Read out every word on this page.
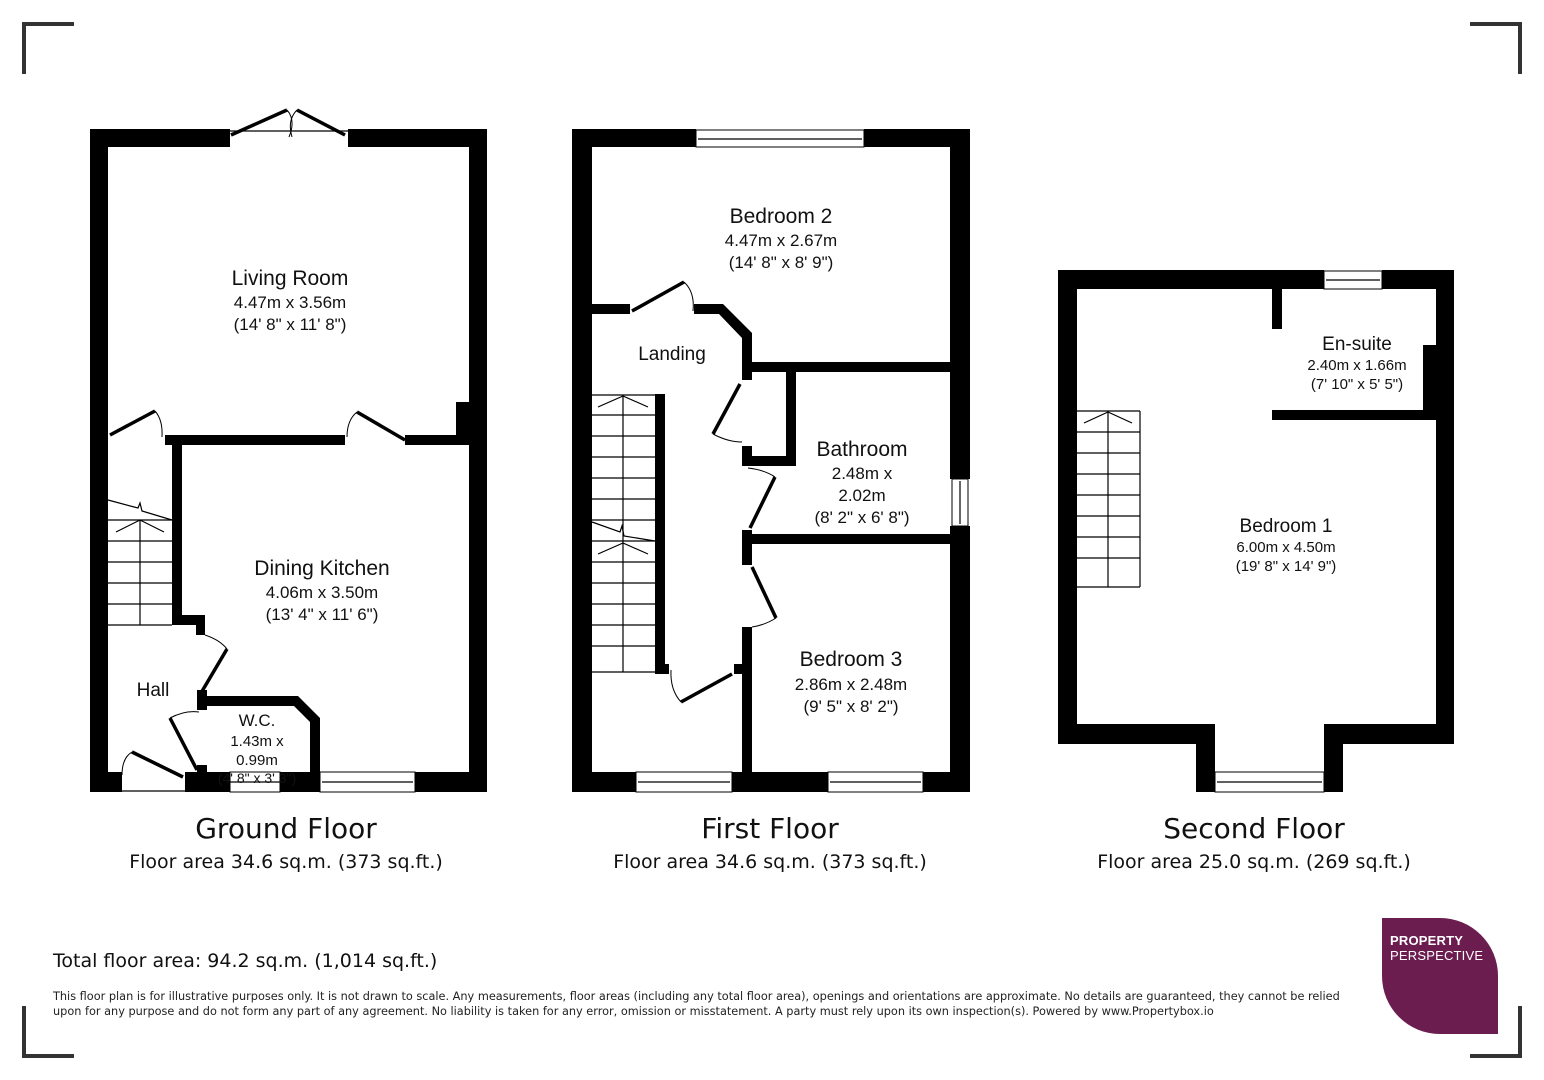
Living Room
4.47m x 3.56m
(14' 8" x 11' 8")
Dining Kitchen
4.06m x 3.50m
(13' 4" x 11' 6")
Hall
W.C.
1.43m x
0.99m
(4' 8" x 3' 3")
Bedroom 2
4.47m x 2.67m
(14' 8" x 8' 9")
Landing
Bathroom
2.48m x
2.02m
(8' 2" x 6' 8")
Bedroom 3
2.86m x 2.48m
(9' 5" x 8' 2")
En-suite
2.40m x 1.66m
(7' 10" x 5' 5")
Bedroom 1
6.00m x 4.50m
(19' 8" x 14' 9")
Ground Floor
Floor area 34.6 sq.m. (373 sq.ft.)
First Floor
Floor area 34.6 sq.m. (373 sq.ft.)
Second Floor
Floor area 25.0 sq.m. (269 sq.ft.)
Total floor area: 94.2 sq.m. (1,014 sq.ft.)
This floor plan is for illustrative purposes only. It is not drawn to scale. Any measurements, floor areas (including any total floor area), openings and orientations are approximate. No details are guaranteed, they cannot be relied upon for any purpose and do not form any part of any agreement. No liability is taken for any error, omission or misstatement. A party must rely upon its own inspection(s). Powered by www.Propertybox.io
PROPERTY
PERSPECTIVE
